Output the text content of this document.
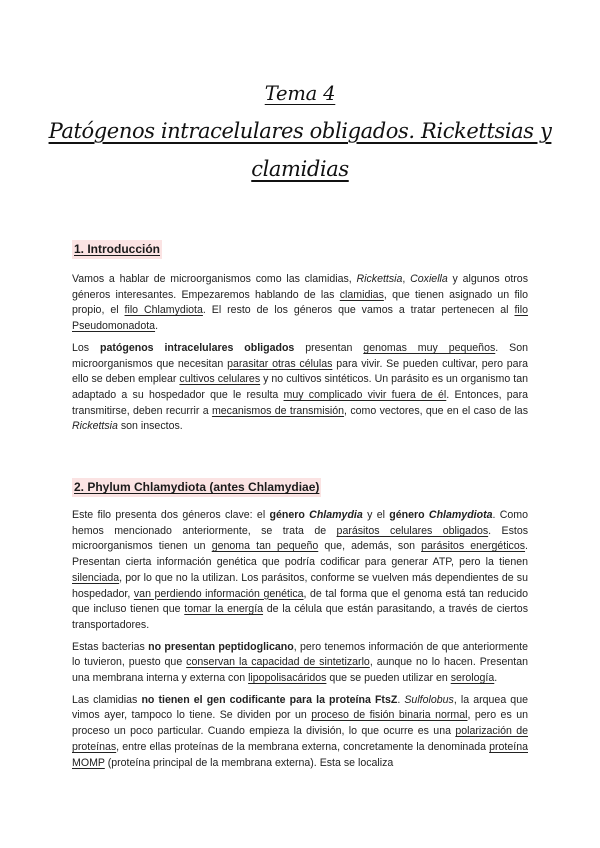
Tema 4
Patógenos intracelulares obligados. Rickettsias y
clamidias
1. Introducción

Vamos a hablar de microorganismos como las clamidias, Rickettsia, Coxiella y algunos otros géneros interesantes. Empezaremos hablando de las clamidias, que tienen asignado un filo propio, el filo Chlamydiota. El resto de los géneros que vamos a tratar pertenecen al filo Pseudomonadota.

Los patógenos intracelulares obligados presentan genomas muy pequeños. Son microorganismos que necesitan parasitar otras células para vivir. Se pueden cultivar, pero para ello se deben emplear cultivos celulares y no cultivos sintéticos. Un parásito es un organismo tan adaptado a su hospedador que le resulta muy complicado vivir fuera de él. Entonces, para transmitirse, deben recurrir a mecanismos de transmisión, como vectores, que en el caso de las Rickettsia son insectos.

2. Phylum Chlamydiota (antes Chlamydiae)

Este filo presenta dos géneros clave: el género Chlamydia y el género Chlamydiota. Como hemos mencionado anteriormente, se trata de parásitos celulares obligados. Estos microorganismos tienen un genoma tan pequeño que, además, son parásitos energéticos. Presentan cierta información genética que podría codificar para generar ATP, pero la tienen silenciada, por lo que no la utilizan. Los parásitos, conforme se vuelven más dependientes de su hospedador, van perdiendo información genética, de tal forma que el genoma está tan reducido que incluso tienen que tomar la energía de la célula que están parasitando, a través de ciertos transportadores.

Estas bacterias no presentan peptidoglicano, pero tenemos información de que anteriormente lo tuvieron, puesto que conservan la capacidad de sintetizarlo, aunque no lo hacen. Presentan una membrana interna y externa con lipopolisacáridos que se pueden utilizar en serología.

Las clamidias no tienen el gen codificante para la proteína FtsZ. Sulfolobus, la arquea que vimos ayer, tampoco lo tiene. Se dividen por un proceso de fisión binaria normal, pero es un proceso un poco particular. Cuando empieza la división, lo que ocurre es una polarización de proteínas, entre ellas proteínas de la membrana externa, concretamente la denominada proteína MOMP (proteína principal de la membrana externa). Esta se localiza
